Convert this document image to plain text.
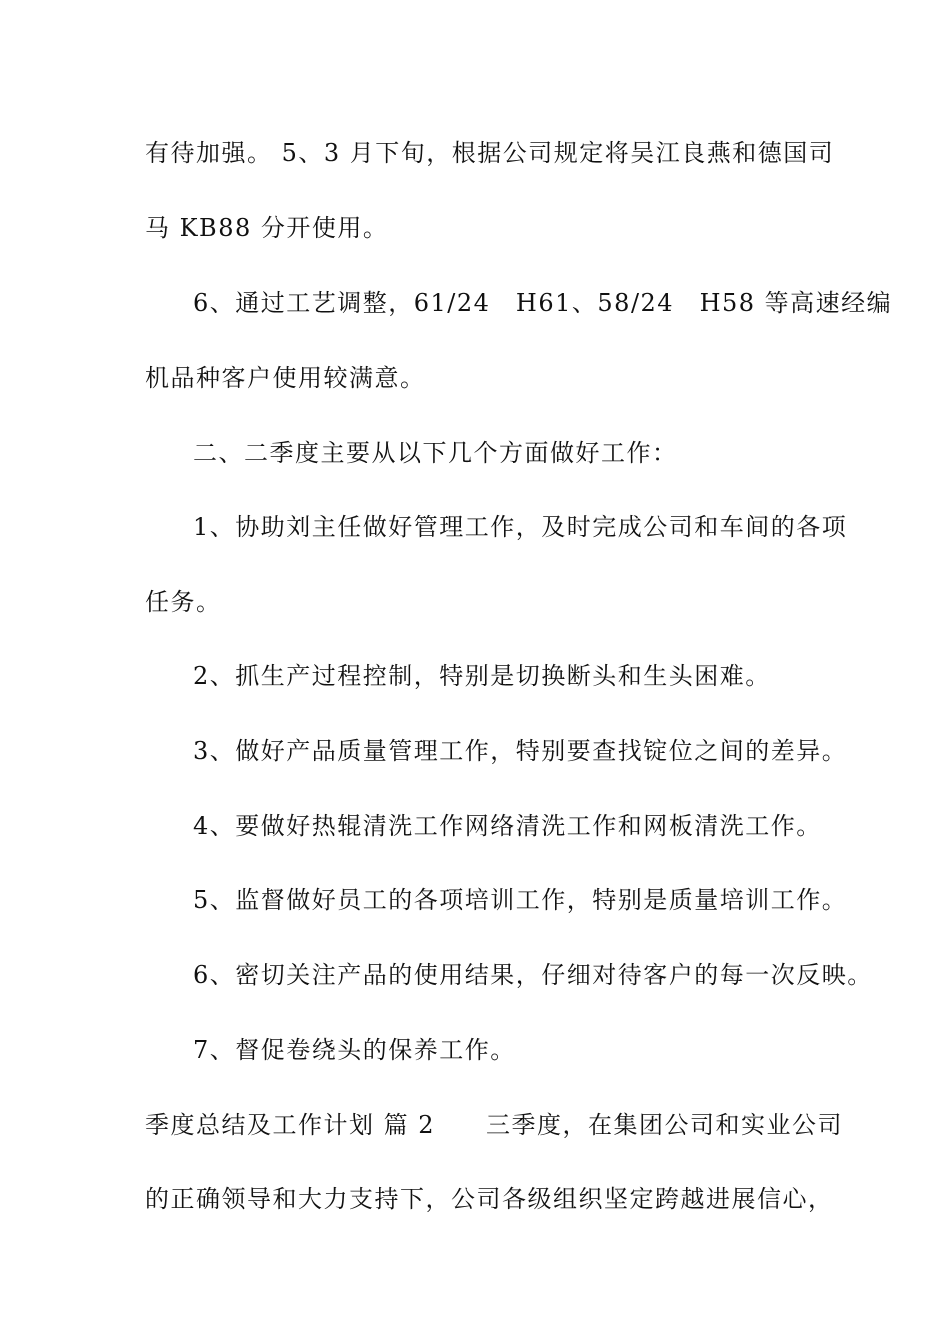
有待加强。 5、3 月下旬，根据公司规定将吴江良燕和德国司
马 KB88 分开使用。
6、通过工艺调整，61/24　H61、58/24　H58 等高速经编
机品种客户使用较满意。
二、二季度主要从以下几个方面做好工作：
1、协助刘主任做好管理工作，及时完成公司和车间的各项
任务。
2、抓生产过程控制，特别是切换断头和生头困难。
3、做好产品质量管理工作，特别要查找锭位之间的差异。
4、要做好热辊清洗工作网络清洗工作和网板清洗工作。
5、监督做好员工的各项培训工作，特别是质量培训工作。
6、密切关注产品的使用结果，仔细对待客户的每一次反映。
7、督促卷绕头的保养工作。
季度总结及工作计划 篇 2　　三季度，在集团公司和实业公司
的正确领导和大力支持下，公司各级组织坚定跨越进展信心，
